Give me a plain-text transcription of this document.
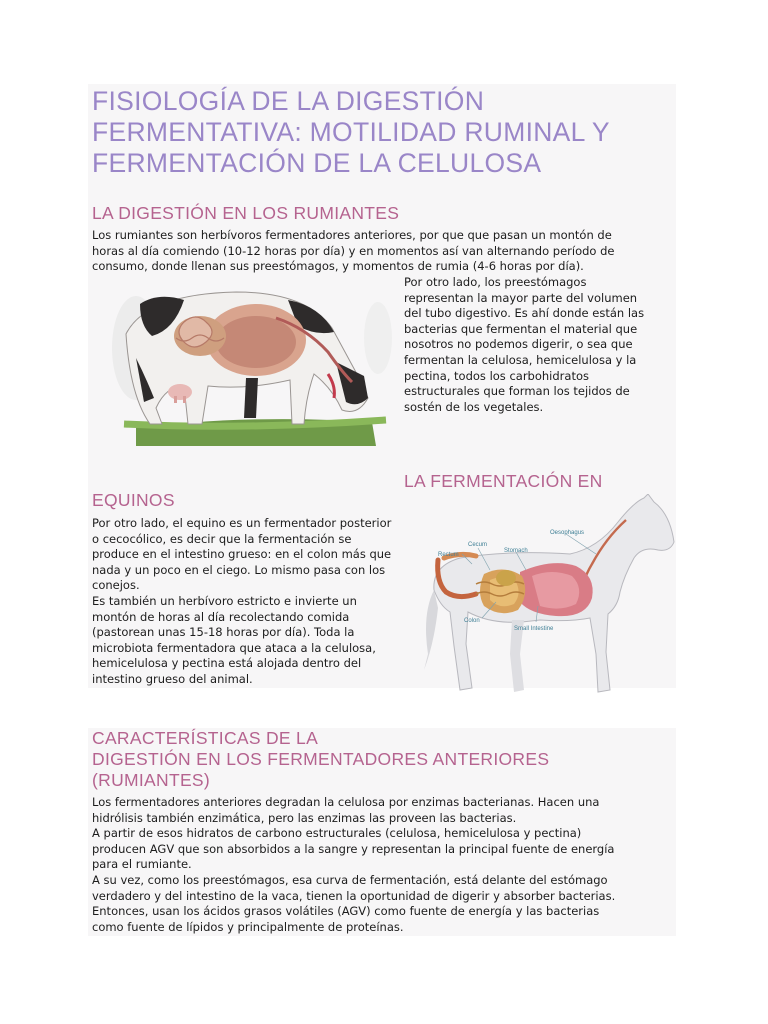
FISIOLOGÍA DE LA DIGESTIÓN
FERMENTATIVA: MOTILIDAD RUMINAL Y
FERMENTACIÓN DE LA CELULOSA
LA DIGESTIÓN EN LOS RUMIANTES

Los rumiantes son herbívoros fermentadores anteriores, por que que pasan un montón de
horas al día comiendo (10-12 horas por día) y en momentos así van alternando período de
consumo, donde llenan sus preestómagos, y momentos de rumia (4-6 horas por día).

Por otro lado, los preestómagos
representan la mayor parte del volumen
del tubo digestivo. Es ahí donde están las
bacterias que fermentan el material que
nosotros no podemos digerir, o sea que
fermentan la celulosa, hemicelulosa y la
pectina, todos los carbohidratos
estructurales que forman los tejidos de
sostén de los vegetales.

LA FERMENTACIÓN EN
EQUINOS

Por otro lado, el equino es un fermentador posterior
o cecocólico, es decir que la fermentación se
produce en el intestino grueso: en el colon más que
nada y un poco en el ciego. Lo mismo pasa con los
conejos.
Es también un herbívoro estricto e invierte un
montón de horas al día recolectando comida
(pastorean unas 15-18 horas por día). Toda la
microbiota fermentadora que ataca a la celulosa,
hemicelulosa y pectina está alojada dentro del
intestino grueso del animal.

Oesophagus
Cecum
Stomach
Rectum
Colon
Small Intestine
CARACTERÍSTICAS DE LA
DIGESTIÓN EN LOS FERMENTADORES ANTERIORES
(RUMIANTES)

Los fermentadores anteriores degradan la celulosa por enzimas bacterianas. Hacen una
hidrólisis también enzimática, pero las enzimas las proveen las bacterias.
A partir de esos hidratos de carbono estructurales (celulosa, hemicelulosa y pectina)
producen AGV que son absorbidos a la sangre y representan la principal fuente de energía
para el rumiante.
A su vez, como los preestómagos, esa curva de fermentación, está delante del estómago
verdadero y del intestino de la vaca, tienen la oportunidad de digerir y absorber bacterias.
Entonces, usan los ácidos grasos volátiles (AGV) como fuente de energía y las bacterias
como fuente de lípidos y principalmente de proteínas.
